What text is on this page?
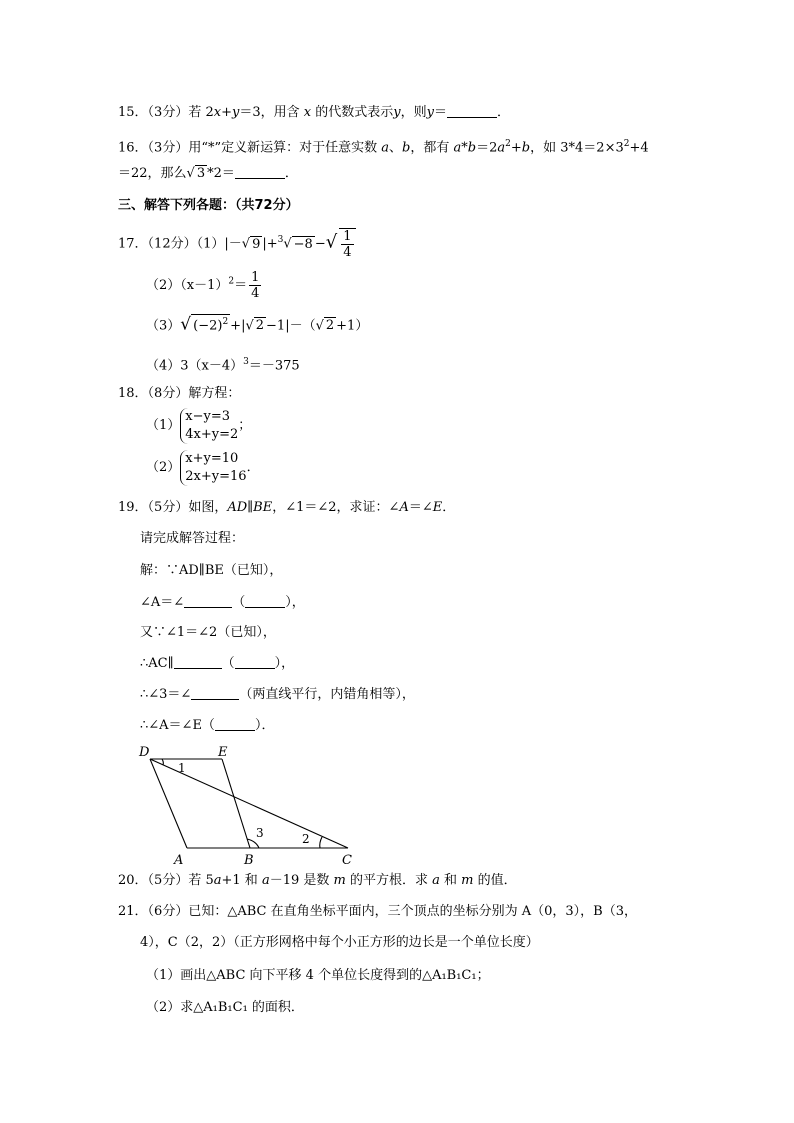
15．（3分）若 2x+y＝3，用含 x 的代数式表示y，则y＝	．
16．（3分）用“*”定义新运算：对于任意实数 a、b，都有 $a*b=2a^2+b$，如 $3*4=2\times 3^2+4$
＝22，那么√ 3 *2＝	．
三、解答下列各题：（共72分）
17．（12分）（1）|－√ 9 |+$^3$√ −8 −√ $\frac{1}{4}$
$(2)(x-1)^2= \frac{1}{4}$
（3）√ $(-2)^2$ +|√ 2 −1|－（√ 2 +1）
$(4)3(x-4)^3=-375$
18．（8分）解方程：
（1）
x−y=3
4x+y=2
；
（2）
x+y=10
2x+y=16
．
19．（5分）如图，AD∥BE，∠1＝∠2，求证：∠A＝∠E．
请完成解答过程：
解：∵AD∥BE（已知），
∠A＝∠	（	），
又∵∠1＝∠2（已知），
∴AC∥	（	），
∴∠3＝∠	（两直线平行，内错角相等），
∴∠A＝∠E（	）．
D	E
A	B	C
1
2
3
20．（5分）若 5a+1 和 a－19 是数 m 的平方根．求 a 和 m 的值．
21．（6分）已知：△ABC 在直角坐标平面内，三个顶点的坐标分别为 A（0，3），B（3，
4），C（2，2）（正方形网格中每个小正方形的边长是一个单位长度）
（1）画出△ABC 向下平移 4 个单位长度得到的△A₁B₁C₁；
（2）求△A₁B₁C₁ 的面积．
